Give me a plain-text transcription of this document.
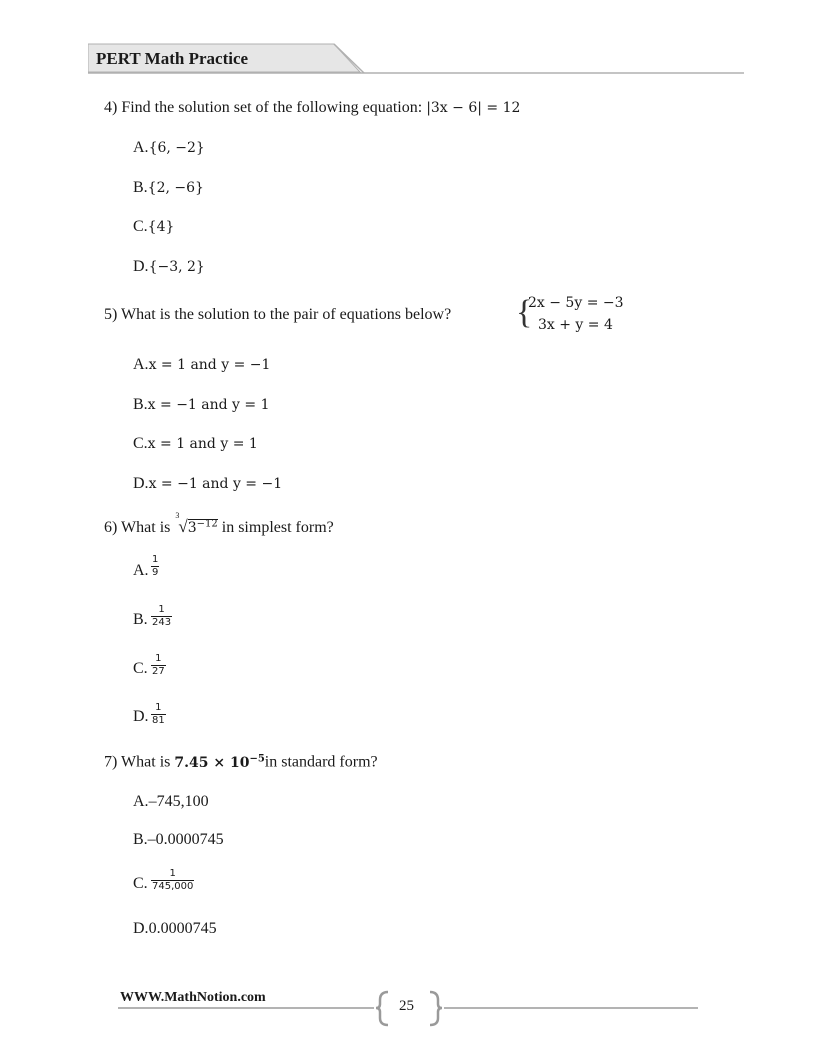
PERT Math Practice
4) Find the solution set of the following equation: |3x − 6| = 12
A.{6, −2}
B.{2, −6}
C.{4}
D.{−3, 2}
5) What is the solution to the pair of equations below? {
2x − 5y = −3
3x + y = 4
A.x = 1 and y = −1
B.x = −1 and y = 1
C.x = 1 and y = 1
D.x = −1 and y = −1
6) What is
3
$√3^{-12}$ in simplest form?
A. $\frac{1}{9}$
B. $\frac{1}{243}$
C. $\frac{1}{27}$
D. $\frac{1}{81}$
7) What is $7.45 \times 10^{-5}in$ standard form?
A.–745,100
B.–0.0000745
C. $\frac{1}{745,000}$
D.0.0000745
WWW.MathNotion.com
25
